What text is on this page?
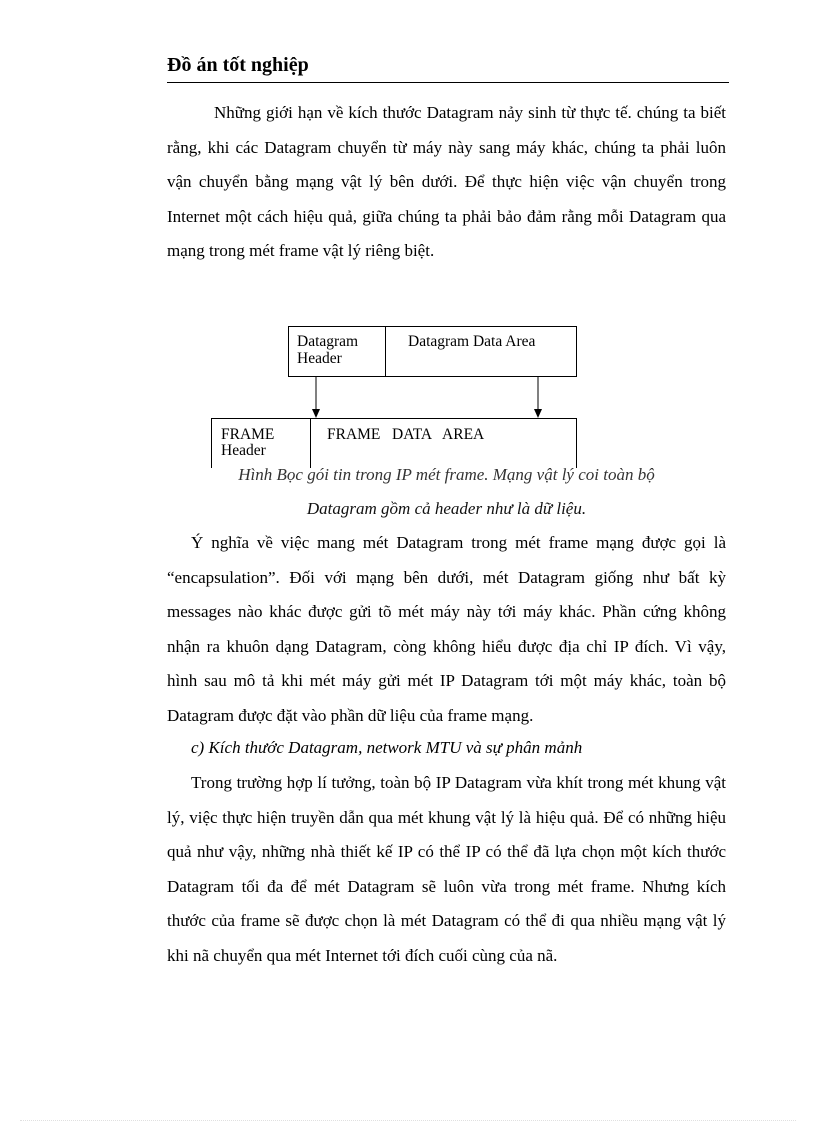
Đồ án tốt nghiệp

Những giới hạn về kích thước Datagram nảy sinh từ thực tế. chúng ta biết rằng, khi các Datagram chuyển từ máy này sang máy khác, chúng ta phải luôn vận chuyển bằng mạng vật lý bên dưới. Để thực hiện việc vận chuyển trong Internet một cách hiệu quả, giữa chúng ta phải bảo đảm rằng mỗi Datagram qua mạng trong mét frame vật lý riêng biệt.

Datagram
Header
Datagram Data Area
FRAME
Header
FRAME   DATA   AREA

Hình Bọc gói tin trong IP mét frame. Mạng vật lý coi toàn bộ

Datagram gồm cả header như là dữ liệu.

Ý nghĩa về việc mang mét Datagram trong mét frame mạng được gọi là “encapsulation”. Đối với mạng bên dưới, mét Datagram giống như bất kỳ messages nào khác được gửi tõ mét máy này tới máy khác. Phần cứng không nhận ra khuôn dạng Datagram, còng không hiểu được địa chỉ IP đích. Vì vậy, hình sau mô tả khi mét máy gửi mét IP Datagram tới một máy khác, toàn bộ Datagram được đặt vào phần dữ liệu của frame mạng.

c) Kích thước Datagram, network MTU và sự phân mảnh

Trong trường hợp lí tưởng, toàn bộ IP Datagram vừa khít trong mét khung vật lý, việc thực hiện truyền dẫn qua mét khung vật lý là hiệu quả. Để có những hiệu quả như vậy, những nhà thiết kế IP có thể IP có thể đã lựa chọn một kích thước Datagram tối đa để mét Datagram sẽ luôn vừa trong mét frame. Nhưng kích thước của frame sẽ được chọn là mét Datagram có thể đi qua nhiều mạng vật lý khi nã chuyển qua mét Internet tới đích cuối cùng của nã.
